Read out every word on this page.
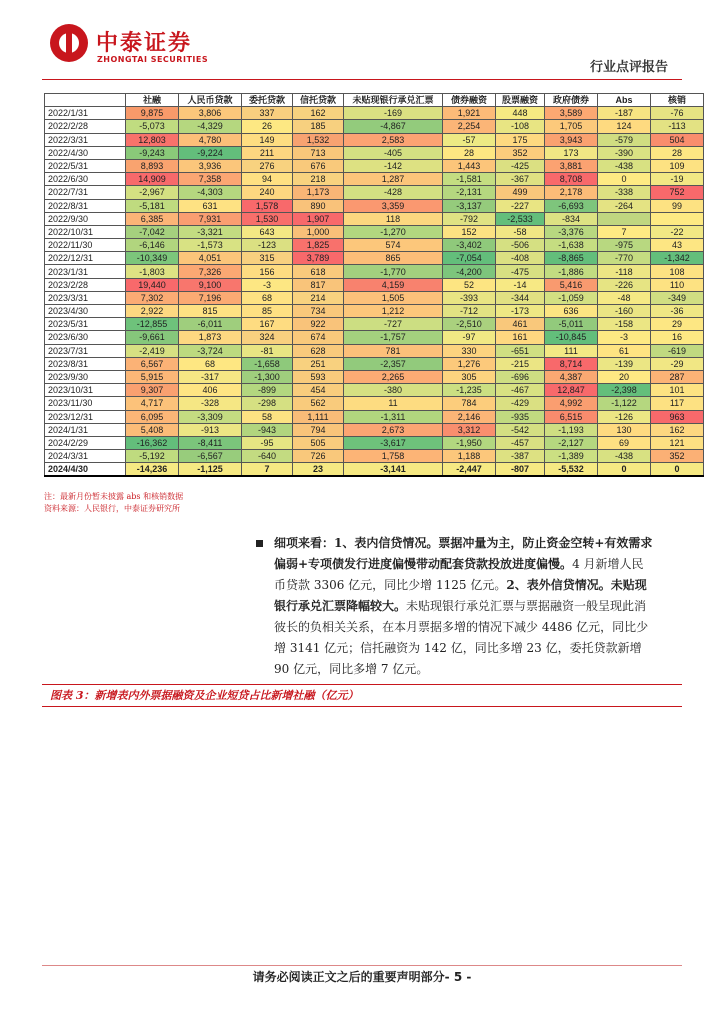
中泰证券
ZHONGTAI SECURITIES
行业点评报告
	社融	人民币贷款	委托贷款	信托贷款	未贴现银行承兑汇票	债券融资	股票融资	政府债券	Abs	核销
2022/1/31	9,875	3,806	337	162	-169	1,921	448	3,589	-187	-76
2022/2/28	-5,073	-4,329	26	185	-4,867	2,254	-108	1,705	124	-113
2022/3/31	12,803	4,780	149	1,532	2,583	-57	175	3,943	-579	504
2022/4/30	-9,243	-9,224	211	713	-405	28	352	173	-390	28
2022/5/31	8,893	3,936	276	676	-142	1,443	-425	3,881	-438	109
2022/6/30	14,909	7,358	94	218	1,287	-1,581	-367	8,708	0	-19
2022/7/31	-2,967	-4,303	240	1,173	-428	-2,131	499	2,178	-338	752
2022/8/31	-5,181	631	1,578	890	3,359	-3,137	-227	-6,693	-264	99
2022/9/30	6,385	7,931	1,530	1,907	118	-792	-2,533	-834		
2022/10/31	-7,042	-3,321	643	1,000	-1,270	152	-58	-3,376	7	-22
2022/11/30	-6,146	-1,573	-123	1,825	574	-3,402	-506	-1,638	-975	43
2022/12/31	-10,349	4,051	315	3,789	865	-7,054	-408	-8,865	-770	-1,342
2023/1/31	-1,803	7,326	156	618	-1,770	-4,200	-475	-1,886	-118	108
2023/2/28	19,440	9,100	-3	817	4,159	52	-14	5,416	-226	110
2023/3/31	7,302	7,196	68	214	1,505	-393	-344	-1,059	-48	-349
2023/4/30	2,922	815	85	734	1,212	-712	-173	636	-160	-36
2023/5/31	-12,855	-6,011	167	922	-727	-2,510	461	-5,011	-158	29
2023/6/30	-9,661	1,873	324	674	-1,757	-97	161	-10,845	-3	16
2023/7/31	-2,419	-3,724	-81	628	781	330	-651	111	61	-619
2023/8/31	6,567	68	-1,658	251	-2,357	1,276	-215	8,714	-139	-29
2023/9/30	5,915	-317	-1,300	593	2,265	305	-696	4,387	20	287
2023/10/31	9,307	406	-899	454	-380	-1,235	-467	12,847	-2,398	101
2023/11/30	4,717	-328	-298	562	11	784	-429	4,992	-1,122	117
2023/12/31	6,095	-3,309	58	1,111	-1,311	2,146	-935	6,515	-126	963
2024/1/31	5,408	-913	-943	794	2,673	3,312	-542	-1,193	130	162
2024/2/29	-16,362	-8,411	-95	505	-3,617	-1,950	-457	-2,127	69	121
2024/3/31	-5,192	-6,567	-640	726	1,758	1,188	-387	-1,389	-438	352
2024/4/30	-14,236	-1,125	7	23	-3,141	-2,447	-807	-5,532	0	0
注：最新月份暂未披露 abs 和核销数据
资料来源：人民银行，中泰证券研究所
细项来看：1、表内信贷情况。票据冲量为主，防止资金空转+有效需求偏弱+专项债发行进度偏慢带动配套贷款投放进度偏慢。4 月新增人民币贷款 3306 亿元，同比少增 1125 亿元。2、表外信贷情况。未贴现银行承兑汇票降幅较大。未贴现银行承兑汇票与票据融资一般呈现此消彼长的负相关关系，在本月票据多增的情况下减少 4486 亿元，同比少增 3141 亿元；信托融资为 142 亿，同比多增 23 亿，委托贷款新增 90 亿元，同比多增 7 亿元。
图表 3：新增表内外票据融资及企业短贷占比新增社融（亿元）
请务必阅读正文之后的重要声明部分- 5 -
